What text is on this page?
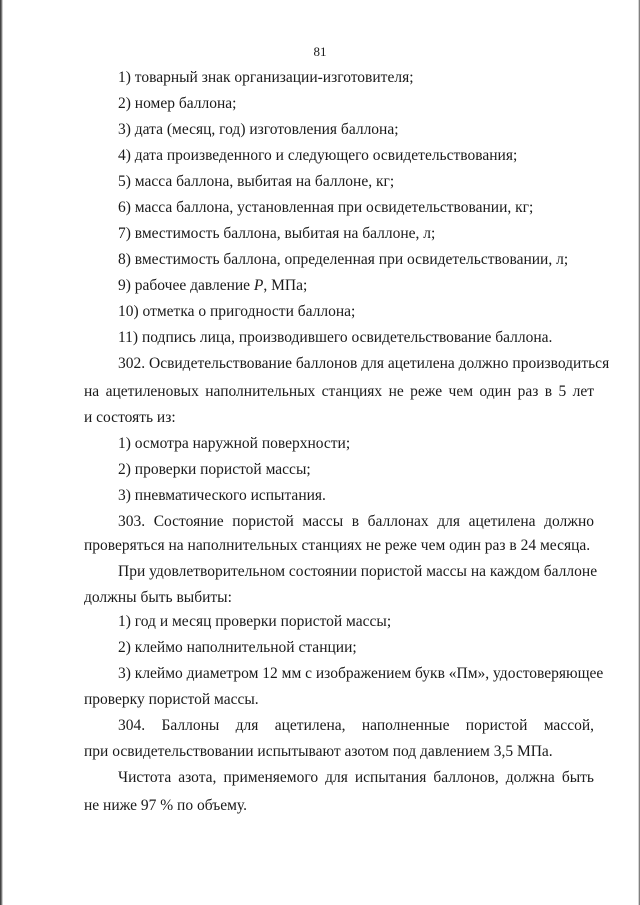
81
1) товарный знак организации-изготовителя;
2) номер баллона;
3) дата (месяц, год) изготовления баллона;
4) дата произведенного и следующего освидетельствования;
5) масса баллона, выбитая на баллоне, кг;
6) масса баллона, установленная при освидетельствовании, кг;
7) вместимость баллона, выбитая на баллоне, л;
8) вместимость баллона, определенная при освидетельствовании, л;
9) рабочее давление P, МПа;
10) отметка о пригодности баллона;
11) подпись лица, производившего освидетельствование баллона.
302. Освидетельствование баллонов для ацетилена должно производиться
на ацетиленовых наполнительных станциях не реже чем один раз в 5 лет
и состоять из:
1) осмотра наружной поверхности;
2) проверки пористой массы;
3) пневматического испытания.
303. Состояние пористой массы в баллонах для ацетилена должно
проверяться на наполнительных станциях не реже чем один раз в 24 месяца.
При удовлетворительном состоянии пористой массы на каждом баллоне
должны быть выбиты:
1) год и месяц проверки пористой массы;
2) клеймо наполнительной станции;
3) клеймо диаметром 12 мм с изображением букв «Пм», удостоверяющее
проверку пористой массы.
304. Баллоны для ацетилена, наполненные пористой массой,
при освидетельствовании испытывают азотом под давлением 3,5 МПа.
Чистота азота, применяемого для испытания баллонов, должна быть
не ниже 97 % по объему.
